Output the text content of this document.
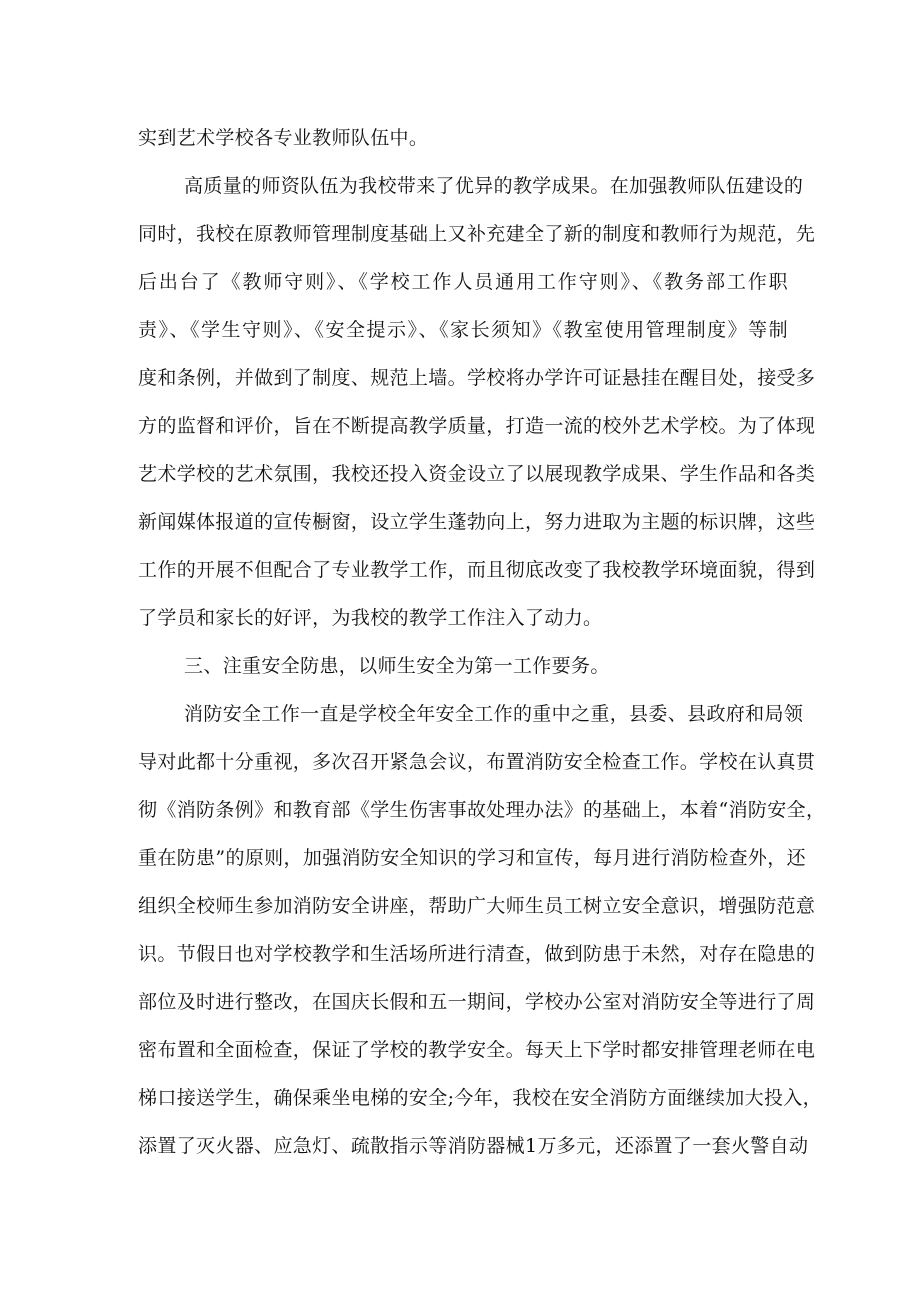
实到艺术学校各专业教师队伍中。
高质量的师资队伍为我校带来了优异的教学成果。在加强教师队伍建设的
同时，我校在原教师管理制度基础上又补充建全了新的制度和教师行为规范，先
后出台了《教师守则》、《学校工作人员通用工作守则》、《教务部工作职
责》、《学生守则》、《安全提示》、《家长须知》《教室使用管理制度》等制
度和条例，并做到了制度、规范上墙。学校将办学许可证悬挂在醒目处，接受多
方的监督和评价，旨在不断提高教学质量，打造一流的校外艺术学校。为了体现
艺术学校的艺术氛围，我校还投入资金设立了以展现教学成果、学生作品和各类
新闻媒体报道的宣传橱窗，设立学生蓬勃向上，努力进取为主题的标识牌，这些
工作的开展不但配合了专业教学工作，而且彻底改变了我校教学环境面貌，得到
了学员和家长的好评，为我校的教学工作注入了动力。
三、注重安全防患，以师生安全为第一工作要务。
消防安全工作一直是学校全年安全工作的重中之重，县委、县政府和局领
导对此都十分重视，多次召开紧急会议，布置消防安全检查工作。学校在认真贯
彻《消防条例》和教育部《学生伤害事故处理办法》的基础上，本着“消防安全，
重在防患”的原则，加强消防安全知识的学习和宣传，每月进行消防检查外，还
组织全校师生参加消防安全讲座，帮助广大师生员工树立安全意识，增强防范意
识。节假日也对学校教学和生活场所进行清查，做到防患于未然，对存在隐患的
部位及时进行整改，在国庆长假和五一期间，学校办公室对消防安全等进行了周
密布置和全面检查，保证了学校的教学安全。每天上下学时都安排管理老师在电
梯口接送学生，确保乘坐电梯的安全;今年，我校在安全消防方面继续加大投入，
添置了灭火器、应急灯、疏散指示等消防器械1万多元，还添置了一套火警自动
